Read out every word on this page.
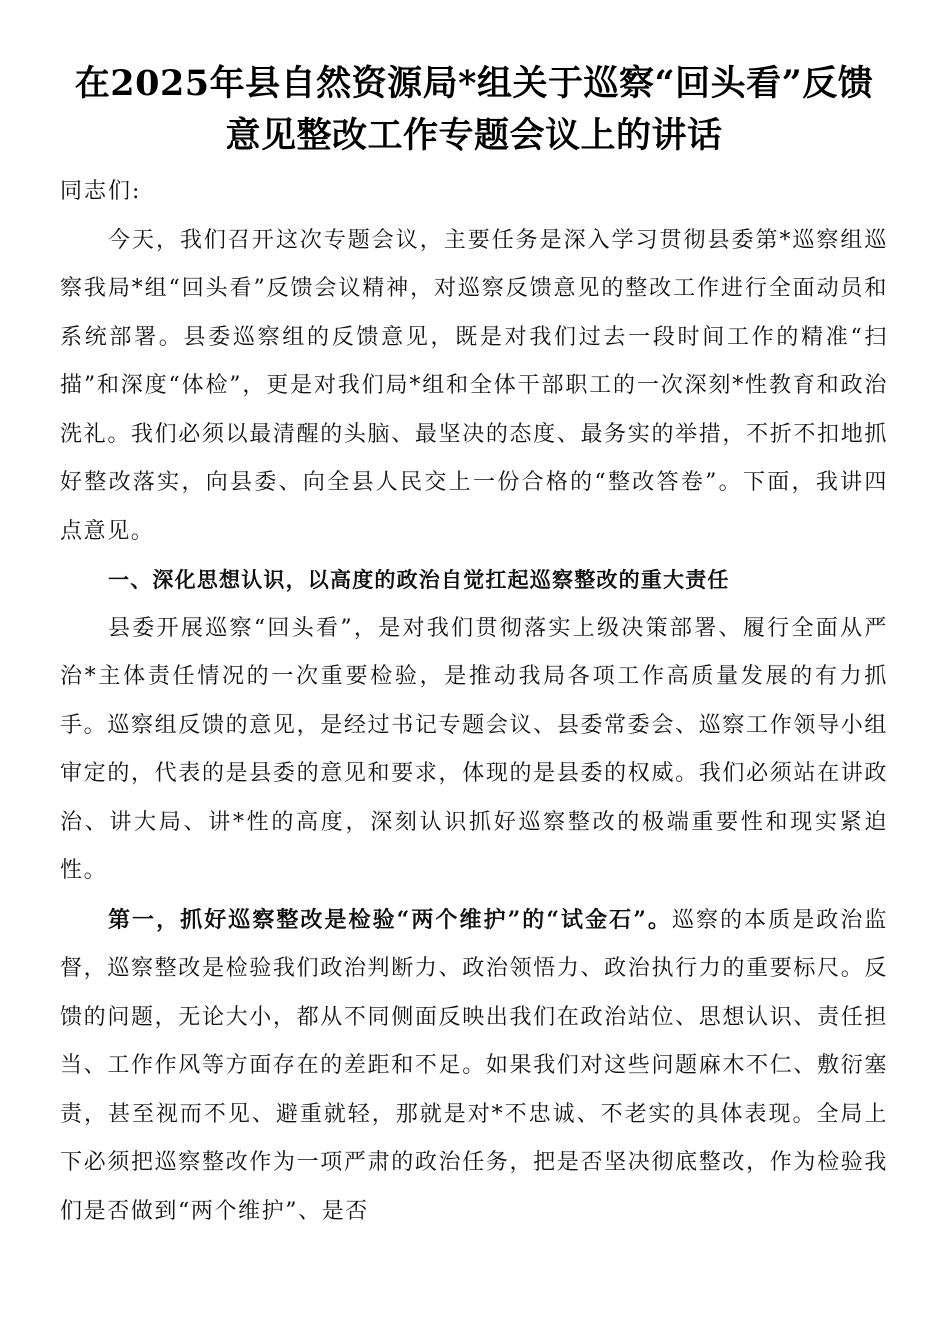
在2025年县自然资源局*组关于巡察“回头看”反馈意见整改工作专题会议上的讲话

同志们:

今天，我们召开这次专题会议，主要任务是深入学习贯彻县委第*巡察组巡察我局*组“回头看”反馈会议精神，对巡察反馈意见的整改工作进行全面动员和系统部署。县委巡察组的反馈意见，既是对我们过去一段时间工作的精准“扫描”和深度“体检”，更是对我们局*组和全体干部职工的一次深刻*性教育和政治洗礼。我们必须以最清醒的头脑、最坚决的态度、最务实的举措，不折不扣地抓好整改落实，向县委、向全县人民交上一份合格的“整改答卷”。下面，我讲四点意见。

一、深化思想认识，以高度的政治自觉扛起巡察整改的重大责任

县委开展巡察“回头看”，是对我们贯彻落实上级决策部署、履行全面从严治*主体责任情况的一次重要检验，是推动我局各项工作高质量发展的有力抓手。巡察组反馈的意见，是经过书记专题会议、县委常委会、巡察工作领导小组审定的，代表的是县委的意见和要求，体现的是县委的权威。我们必须站在讲政治、讲大局、讲*性的高度，深刻认识抓好巡察整改的极端重要性和现实紧迫性。

第一，抓好巡察整改是检验“两个维护”的“试金石”。巡察的本质是政治监督，巡察整改是检验我们政治判断力、政治领悟力、政治执行力的重要标尺。反馈的问题，无论大小，都从不同侧面反映出我们在政治站位、思想认识、责任担当、工作作风等方面存在的差距和不足。如果我们对这些问题麻木不仁、敷衍塞责，甚至视而不见、避重就轻，那就是对*不忠诚、不老实的具体表现。全局上下必须把巡察整改作为一项严肃的政治任务，把是否坚决彻底整改，作为检验我们是否做到“两个维护”、是否
